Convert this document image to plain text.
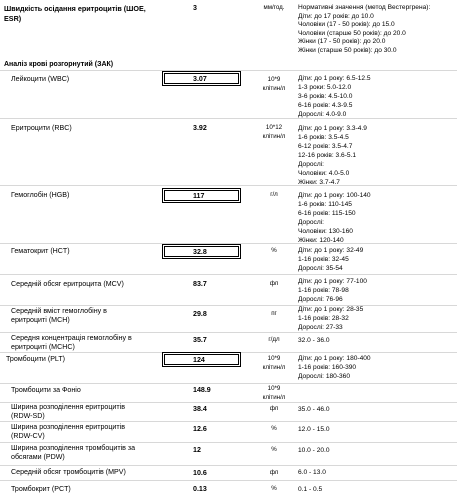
Швидкість осідання еритроцитів (ШОЕ, ESR)
3	мм/год.	Нормативні значення (метод Вестергрена):
Діти: до 17 років: до 10.0
Чоловіки (17 - 50 років): до 15.0
Чоловіки (старше 50 років): до 20.0
Жінки (17 - 50 років): до 20.0
Жінки (старше 50 років): до 30.0
Аналіз крові розгорнутий (ЗАК)
Лейкоцити (WBC)	3.07	10*9
клітин/л
Діти: до 1 року: 6.5-12.5
1-3 роки: 5.0-12.0
3-6 років: 4.5-10.0
6-16 років: 4.3-9.5
Дорослі: 4.0-9.0
Еритроцити (RBC)	3.92	10*12
клітин/л
Діти: до 1 року: 3.3-4.9
1-6 років: 3.5-4.5
6-12 років: 3.5-4.7
12-16 років: 3.6-5.1
Дорослі:
Чоловіки: 4.0-5.0
Жінки: 3.7-4.7
Гемоглобін (HGB)	117	г/л	Діти: до 1 року: 100-140
1-6 років: 110-145
6-16 років: 115-150
Дорослі:
Чоловіки: 130-160
Жінки: 120-140
Гематокрит (HCT)	32.8	%	Діти: до 1 року: 32-49
1-16 років: 32-45
Дорослі: 35-54
Середній обсяг еритроцита (MCV)	83.7	фл	Діти: до 1 року: 77-100
1-16 років: 78-98
Дорослі: 76-96
Середній вміст гемоглобіну в еритроциті (MCH)
29.8	пг
Діти: до 1 року: 28-35
1-16 років: 28-32
Дорослі: 27-33
Середня концентрація гемоглобіну в еритроциті (MCHC)
35.7	г/дл	32.0 - 36.0
Тромбоцити (PLT)	124	10*9
клітин/л
Діти: до 1 року: 180-400
1-16 років: 160-390
Дорослі: 180-360
Тромбоцити за Фоніо	148.9	10*9
клітин/л
Ширина розподілення еритроцитів (RDW-SD)
38.4	фл	35.0 - 46.0
Ширина розподілення еритроцитів (RDW-CV)
12.6	%	12.0 - 15.0
Ширина розподілення тромбоцитів за обсягами (PDW)
12	%	10.0 - 20.0
Середній обсяг тромбоцитів (MPV)	10.6	фл	6.0 - 13.0
Тромбокрит (PCT)	0.13	%	0.1 - 0.5
